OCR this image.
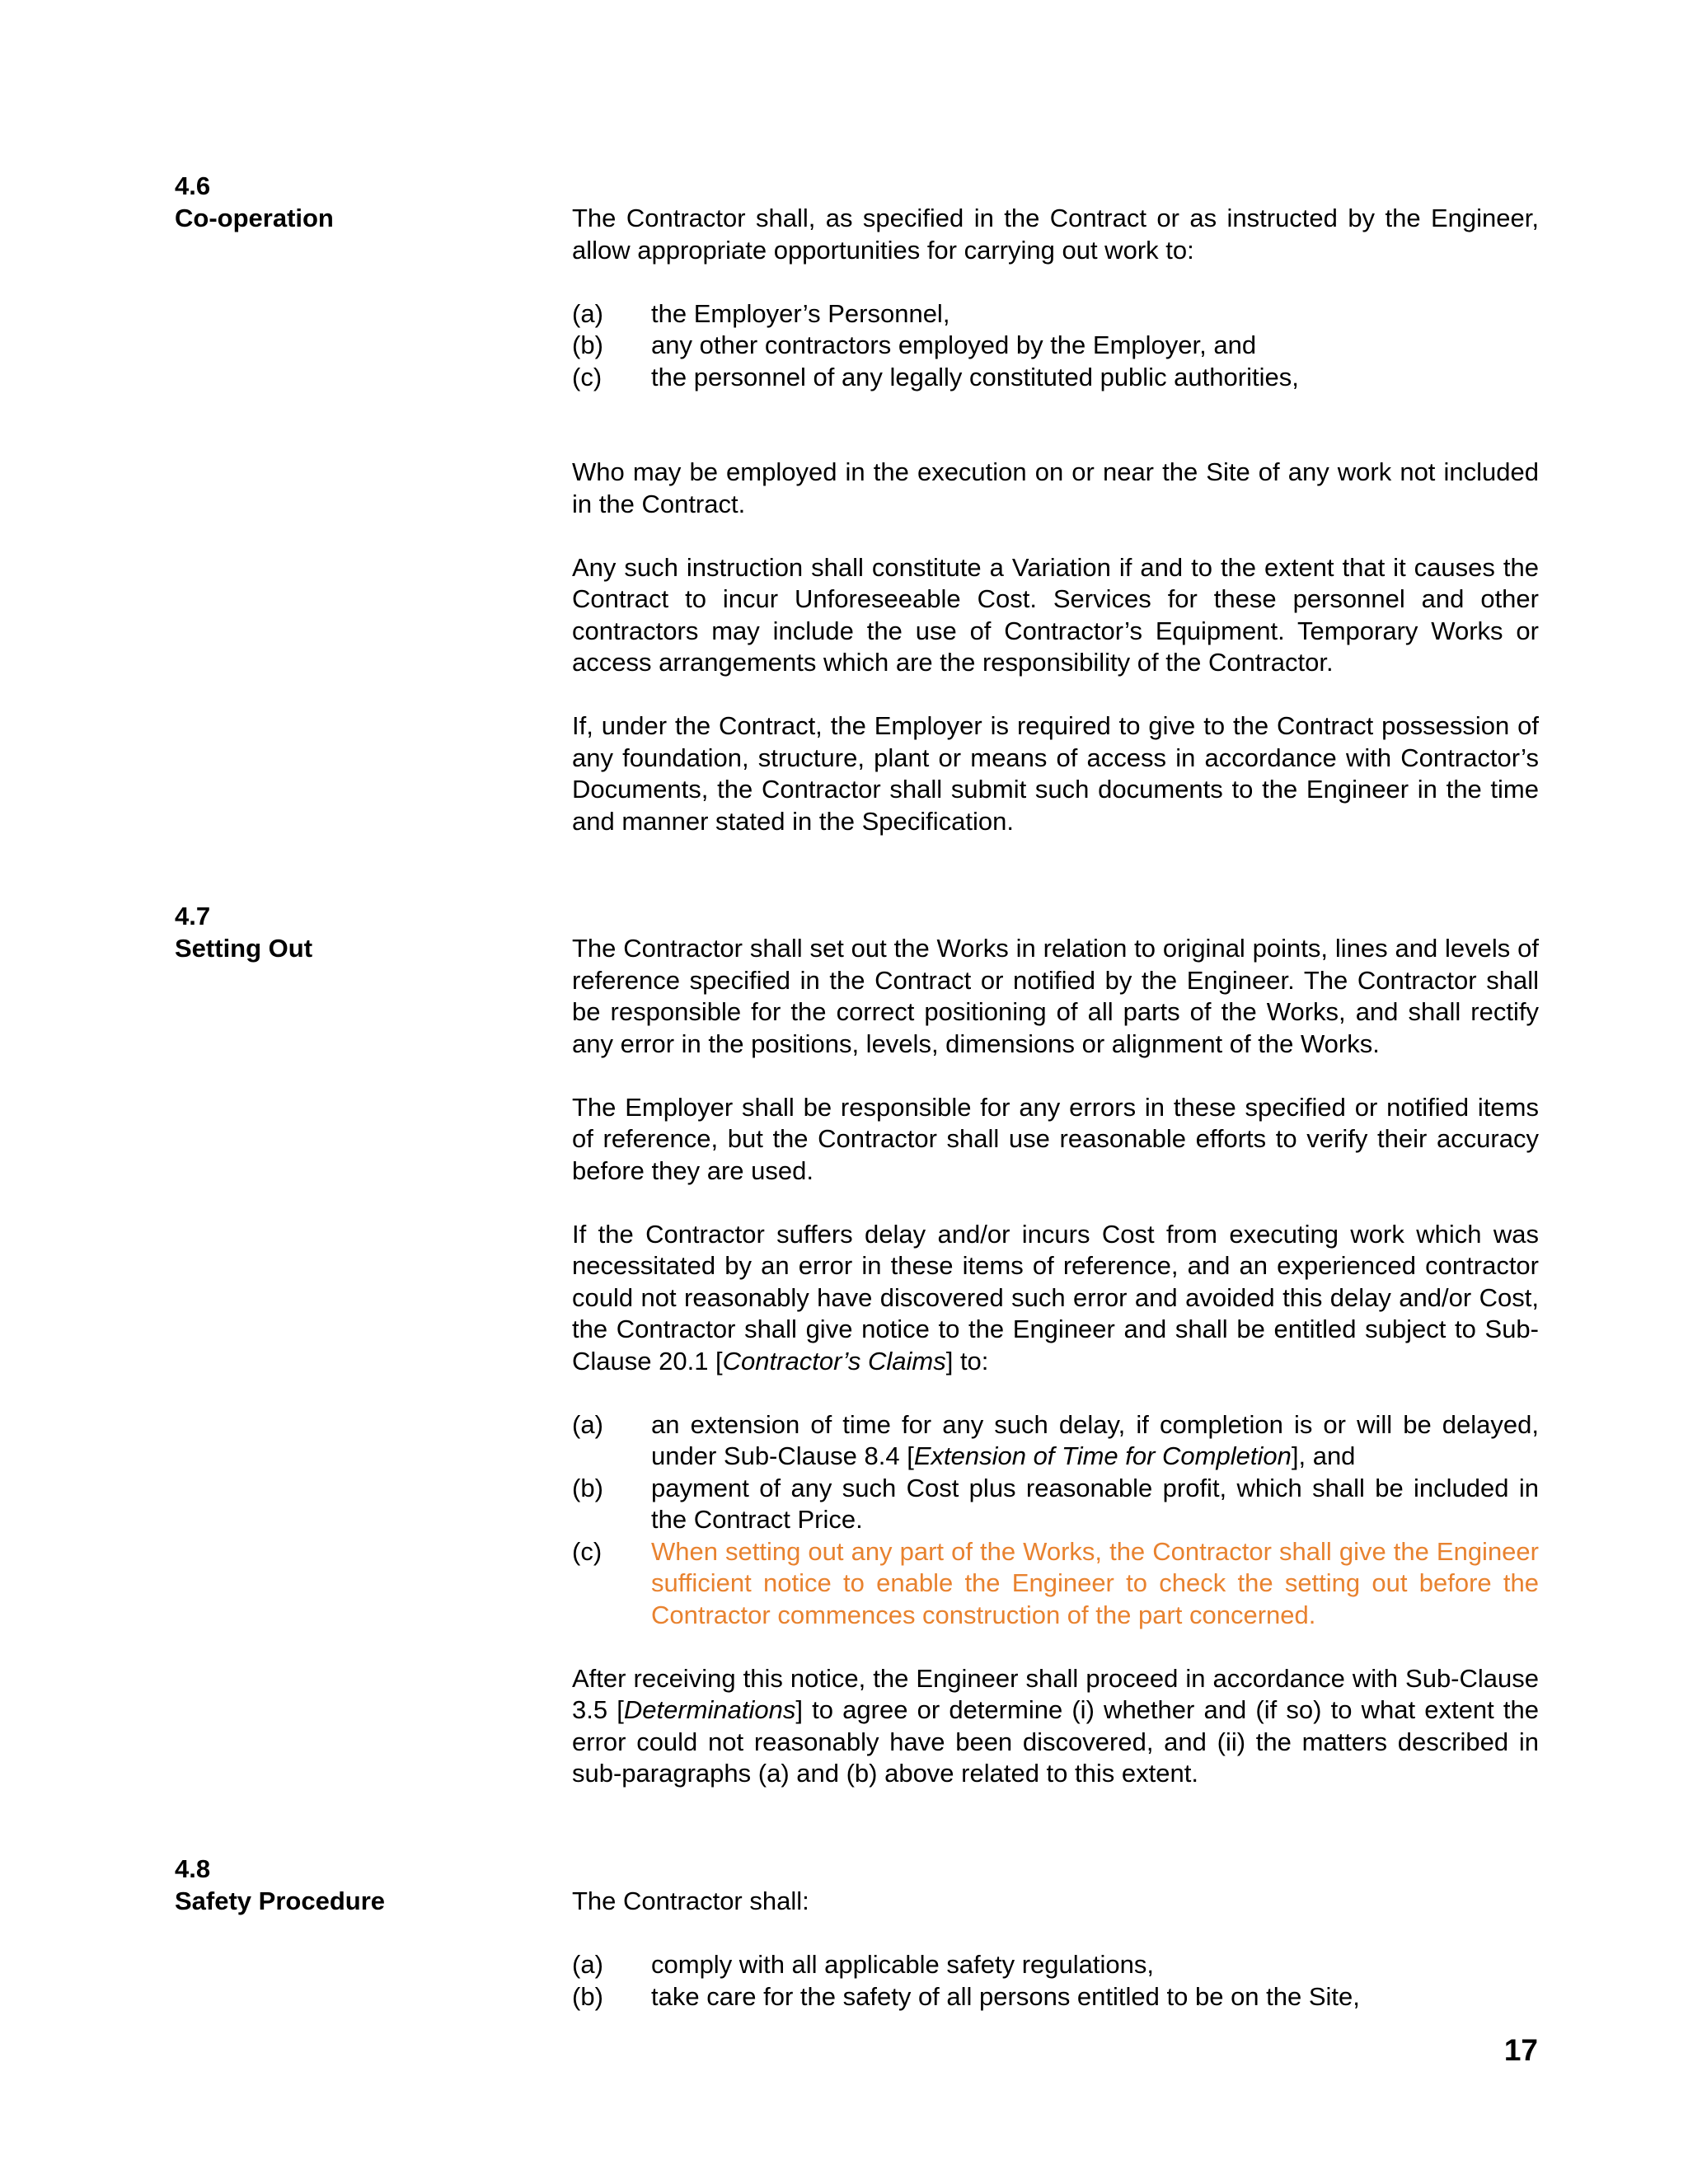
4.6
Co-operation	The Contractor shall, as specified in the Contract or as instructed by the Engineer, allow appropriate opportunities for carrying out work to:

(a) the Employer’s Personnel,
(b) any other contractors employed by the Employer, and
(c) the personnel of any legally constituted public authorities,

Who may be employed in the execution on or near the Site of any work not included in the Contract.

Any such instruction shall constitute a Variation if and to the extent that it causes the Contract to incur Unforeseeable Cost. Services for these personnel and other contractors may include the use of Contractor’s Equipment. Temporary Works or access arrangements which are the responsibility of the Contractor.

If, under the Contract, the Employer is required to give to the Contract possession of any foundation, structure, plant or means of access in accordance with Contractor’s Documents, the Contractor shall submit such documents to the Engineer in the time and manner stated in the Specification.

4.7
Setting Out	The Contractor shall set out the Works in relation to original points, lines and levels of reference specified in the Contract or notified by the Engineer. The Contractor shall be responsible for the correct positioning of all parts of the Works, and shall rectify any error in the positions, levels, dimensions or alignment of the Works.

The Employer shall be responsible for any errors in these specified or notified items of reference, but the Contractor shall use reasonable efforts to verify their accuracy before they are used.

If the Contractor suffers delay and/or incurs Cost from executing work which was necessitated by an error in these items of reference, and an experienced contractor could not reasonably have discovered such error and avoided this delay and/or Cost, the Contractor shall give notice to the Engineer and shall be entitled subject to Sub-Clause 20.1 [Contractor’s Claims] to:

(a) an extension of time for any such delay, if completion is or will be delayed, under Sub-Clause 8.4 [Extension of Time for Completion], and
(b) payment of any such Cost plus reasonable profit, which shall be included in the Contract Price.
(c) When setting out any part of the Works, the Contractor shall give the Engineer sufficient notice to enable the Engineer to check the setting out before the Contractor commences construction of the part concerned.

After receiving this notice, the Engineer shall proceed in accordance with Sub-Clause 3.5 [Determinations] to agree or determine (i) whether and (if so) to what extent the error could not reasonably have been discovered, and (ii) the matters described in sub-paragraphs (a) and (b) above related to this extent.

4.8
Safety Procedure	The Contractor shall:

(a) comply with all applicable safety regulations,
(b) take care for the safety of all persons entitled to be on the Site,
17
